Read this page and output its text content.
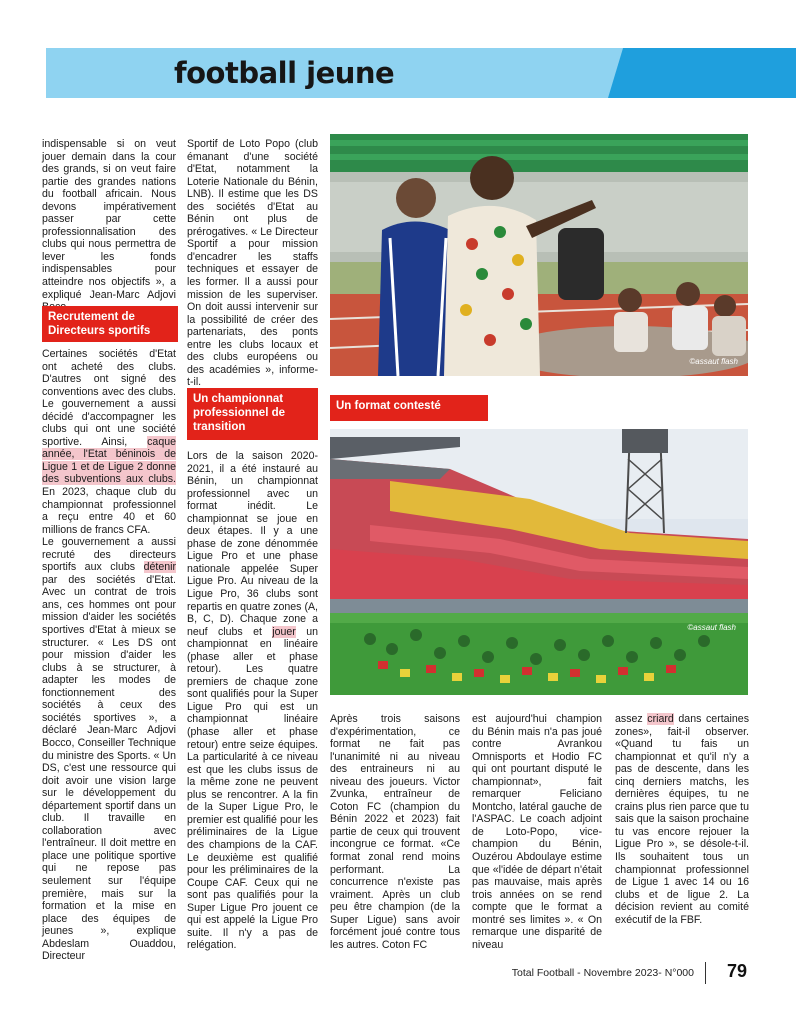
football jeune

indispensable si on veut jouer demain dans la cour des grands, si on veut faire partie des grandes nations du football africain. Nous devons impérativement passer par cette professionnalisation des clubs qui nous permettra de lever les fonds indispensables pour atteindre nos objectifs », a expliqué Jean-Marc Adjovi

Recrutement de Directeurs sportifs

Certaines sociétés d'Etat ont acheté des clubs. D'autres ont signé des conventions avec des clubs. Le gouvernement a aussi décidé d'accompagner les clubs qui ont une société sportive. Ainsi, caque année, l'Etat béninois de Ligue 1 et de Ligue 2 donne des subventions aux clubs. En 2023, chaque club du championnat professionnel a reçu entre 40 et 60 millions de francs CFA.

Le gouvernement a aussi recruté des directeurs sportifs aux clubs détenir par des sociétés d'Etat. Avec un contrat de trois ans, ces hommes ont pour mission d'aider les sociétés sportives d'Etat à mieux se structurer. « Les DS ont pour mission d'aider les clubs à se structurer, à adapter les modes de fonctionnement des sociétés à ceux des sociétés sportives », a déclaré Jean-Marc Adjovi Bocco, Conseiller Technique du ministre des Sports. « Un DS, c'est une ressource qui doit avoir une vision large sur le développement du département sportif dans un club. Il travaille en collaboration avec l'entraîneur. Il doit mettre en place une politique sportive qui ne repose pas seulement sur l'équipe première, mais sur la formation et la mise en place des équipes de jeunes », explique Abdeslam Ouaddou, Directeur

Sportif de Loto Popo (club émanant d'une société d'Etat, notamment la Loterie Nationale du Bénin, LNB). Il estime que les DS des sociétés d'Etat au Bénin ont plus de prérogatives. « Le Directeur Sportif a pour mission d'encadrer les staffs techniques et essayer de les former. Il a aussi pour mission de les superviser. On doit aussi intervenir sur la possibilité de créer des partenariats, des ponts entre les clubs locaux et des clubs européens ou des académies », informe-t-il.

Un championnat professionnel de transition

Lors de la saison 2020-2021, il a été instauré au Bénin, un championnat professionnel avec un format inédit. Le championnat se joue en deux étapes. Il y a une phase de zone dénommée Ligue Pro et une phase nationale appelée Super Ligue Pro. Au niveau de la Ligue Pro, 36 clubs sont repartis en quatre zones (A, B, C, D). Chaque zone a neuf clubs et jouer un championnat en linéaire (phase aller et phase retour). Les quatre premiers de chaque zone sont qualifiés pour la Super Ligue Pro qui est un championnat linéaire (phase aller et phase retour) entre seize équipes. La particularité à ce niveau est que les clubs issus de la même zone ne peuvent plus se rencontrer. A la fin de la Super Ligue Pro, le premier est qualifié pour les préliminaires de la Ligue des champions de la CAF. Le deuxième est qualifié pour les préliminaires de la Coupe CAF. Ceux qui ne sont pas qualifiés pour la Super Ligue Pro jouent ce qui est appelé la Ligue Pro suite. Il n'y a pas de relégation.

©assaut flash
Un format contesté
©assaut flash

Après trois saisons d'expérimentation, ce format ne fait pas l'unanimité ni au niveau des entraineurs ni au niveau des joueurs. Victor Zvunka, entraîneur de Coton FC (champion du Bénin 2022 et 2023) fait partie de ceux qui trouvent incongrue ce format. «Ce format zonal rend moins performant. La concurrence n'existe pas vraiment. Après un club peu être champion (de la Super Ligue) sans avoir forcément joué contre tous les autres. Coton FC

est aujourd'hui champion du Bénin mais n'a pas joué contre Avrankou Omnisports et Hodio FC qui ont pourtant disputé le championnat», fait remarquer Feliciano Montcho, latéral gauche de l'ASPAC. Le coach adjoint de Loto-Popo, vice-champion du Bénin, Ouzérou Abdoulaye estime que «l'idée de départ n'était pas mauvaise, mais après trois années on se rend compte que le format a montré ses limites ». « On remarque une disparité de niveau

assez criard dans certaines zones», fait-il observer. «Quand tu fais un championnat et qu'il n'y a pas de descente, dans les cinq derniers matchs, les dernières équipes, tu ne crains plus rien parce que tu sais que la saison prochaine tu vas encore rejouer la Ligue Pro », se désole-t-il. Ils souhaitent tous un championnat professionnel de Ligue 1 avec 14 ou 16 clubs et de ligue 2. La décision revient au comité exécutif de la FBF.

Total Football - Novembre 2023- N°000 79
